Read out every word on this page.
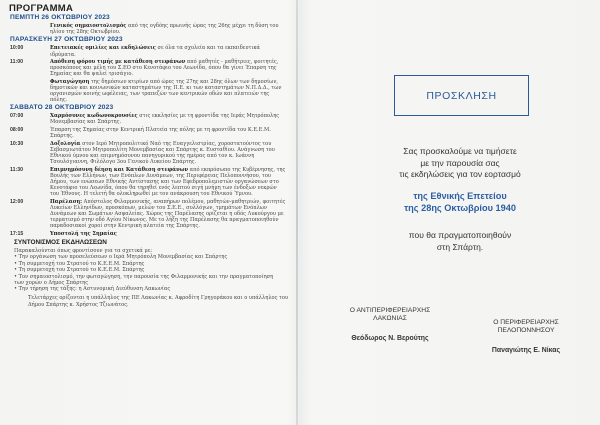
ΠΡΟΓΡΑΜΜΑ
ΠΕΜΠΤΗ 26 ΟΚΤΩΒΡΙΟΥ 2023
Γενικός σημαιοστολισμός από της ογδόης πρωινής ώρας της 26ης μέχρι τη δύση του ηλίου της 28ης Οκτωβρίου.
ΠΑΡΑΣΚΕΥΗ 27 ΟΚΤΩΒΡΙΟΥ 2023
10:00	Επετειακές ομιλίες και εκδηλώσεις σε όλα τα σχολεία και τα εκπαιδευτικά ιδρύματα.
11:00	Απόθεση φόρου τιμής με κατάθεση στεφάνων από μαθητές - μαθήτριες, φοιτητές, προσκόπους και μέλη του Σ.ΕΟ στο Κενοτάφιο του Λεωνίδα, όπου θα γίνει Έπαρση της Σημαίας και θα ψαλεί τρισάγιο.
Φωταγώγηση της δημόσιων κτιρίων από ώρες της 27ης και 28ης όλων των δημοσίων, δημοτικών και κοινωνικών καταστημάτων της Π.Ε. κι των καταστημάτων Ν.Π.Δ.Δ., των οργανισμών κοινής ωφέλειας, των τραπεζών των κεντρικών οδών και πλατειών της πόλης.
ΣΑΒΒΑΤΟ 28 ΟΚΤΩΒΡΙΟΥ 2023
07:00	Χαρμόσυνες κωδωνοκρουσίες στις εκκλησίες με τη φροντίδα της Ιεράς Μητρόπολης Μονεμβασίας και Σπάρτης.
08:00	Έπαρση της Σημαίας στην Κεντρική Πλατεία της πόλης με τη φροντίδα του Κ.Ε.Ε.Μ. Σπάρτης.
10:30	Δοξολογία στον Ιερό Μητροπολιτικό Ναό της Ευαγγελιστρίας, χοροστατούντος του Σεβασμιωτάτου Μητροπολίτη Μονεμβασίας και Σπάρτης κ. Ευσταθίου. Ανάγνωση του Εθνικού ύμνου και επιμνημόσυνου πανηγυρικού της ημέρας από τον κ. Ιωάννη Τσουλόγιαννη, Φιλόλογο 3ου Γενικού Λυκείου Σπάρτης.
11:30	Επιμνημόσυνη δέηση και Κατάθεση στεφάνων από εκπρόσωπο της Κυβέρνησης, της Βουλής των Ελλήνων, των Ενόπλων Δυνάμεων, της Περιφέρειας Πελοποννήσου, του Δήμου, των ενώσεων Εθνικής Αντίστασης και των Εφεδροπολεμιστών οργανώσεων στο Κενοτάφιο του Λεωνίδα, όπου θα τηρηθεί ενός λεπτού σιγή μνήμη των ένδοξων νεκρών του Έθνους. Η τελετή θα ολοκληρωθεί με τον ανάκρουση του Εθνικού Ύμνου.
12:00	Παρέλαση: Απόστολος Φιλαρμονικής, αναπήρων πολέμου, μαθητών-μαθητριών, φοιτητές Λυκείων Ελληνίδων, προσκόπων, μελών του Σ.Ε.Ε., συλλόγων, τμημάτων Ενόπλων Δυνάμεων και Σωμάτων Ασφαλείας. Χώρος της Παρέλασης ορίζεται η οδός Λυκούργου με τερματισμό στην οδό Αγίου Νίκωνος. Με το λήξη της Παρέλασης θα πραγματοποιηθούν παραδοσιακοί χοροί στην Κεντρική πλατεία της Σπάρτης.
17:15	Υποστολή της Σημαίας
ΣΥΝΤΟΝΙΣΜΟΣ ΕΚΔΗΛΩΣΕΩΝ
Παρακαλούνται όπως φροντίσουν για τα σχετικά με:
• Την οργάνωση των προσελεύσεων ο Ιερά Μητρόπολη Μονεμβασίας και Σπάρτης
• Τη συμμετοχή του Στρατού το Κ.Ε.Ε.Μ. Σπάρτης
• Τη συμμετοχή του Στρατού το Κ.Ε.Ε.Μ. Σπάρτης
• Τον σημαιοστολισμό, την φωταγώγηση, την παρουσία της Φιλαρμονικής και την πραγματοποίηση των χορών ο Δήμος Σπάρτης
• Την τήρηση της τάξης: η Αστυνομική Διεύθυνση Λακωνίας
Τελετάρχες ορίζονται η υπάλληλος της ΠΕ Λακωνίας κ. Αφροδίτη Γρηγοράκου και ο υπάλληλος του Δήμου Σπάρτης κ. Χρήστος Τζιωνάτος.
ΠΡΟΣΚΛΗΣΗ
Σας προσκαλούμε να τιμήσετε
με την παρουσία σας
τις εκδηλώσεις για τον εορτασμό
της Εθνικής Επετείου
της 28ης Οκτωβρίου 1940
που θα πραγματοποιηθούν
στη Σπάρτη.
Ο ΑΝΤΙΠΕΡΙΦΕΡΕΙΑΡΧΗΣ
ΛΑΚΩΝΙΑΣ
Θεόδωρος Ν. Βερούτης
Ο ΠΕΡΙΦΕΡΕΙΑΡΧΗΣ
ΠΕΛΟΠΟΝΝΗΣΟΥ
Παναγιώτης Ε. Νίκας
